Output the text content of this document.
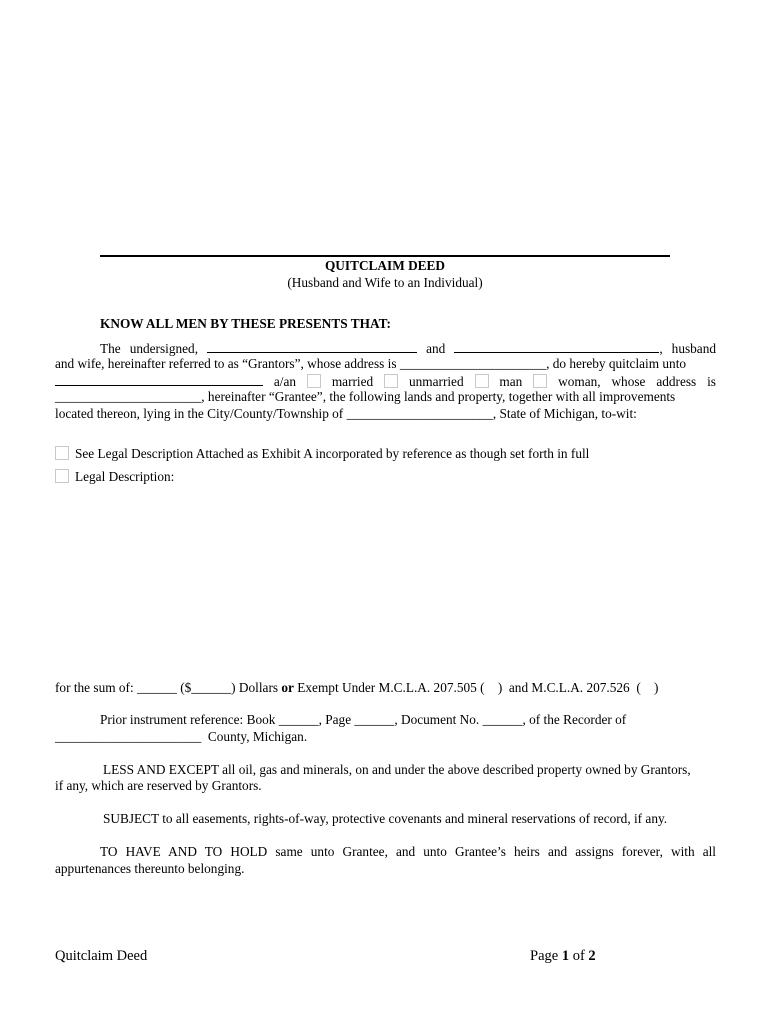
QUITCLAIM DEED
(Husband and Wife to an Individual)
KNOW ALL MEN BY THESE PRESENTS THAT:
The undersigned,	and	, husband
and wife, hereinafter referred to as “Grantors”, whose address is ______________________, do hereby quitclaim unto
a/an	married	unmarried	man	woman, whose address is
______________________, hereinafter “Grantee”, the following lands and property, together with all improvements
located thereon, lying in the City/County/Township of ______________________, State of Michigan, to-wit:
See Legal Description Attached as Exhibit A incorporated by reference as though set forth in full
Legal Description:
for the sum of: ______ ($______) Dollars or Exempt Under M.C.L.A. 207.505 (    )  and M.C.L.A. 207.526  (    )
Prior instrument reference: Book ______, Page ______, Document No. ______, of the Recorder of
______________________  County, Michigan.
LESS AND EXCEPT all oil, gas and minerals, on and under the above described property owned by Grantors,
if any, which are reserved by Grantors.
SUBJECT to all easements, rights-of-way, protective covenants and mineral reservations of record, if any.
TO HAVE AND TO HOLD same unto Grantee, and unto Grantee’s heirs and assigns forever, with all
appurtenances thereunto belonging.
Quitclaim Deed	Page 1 of 2
